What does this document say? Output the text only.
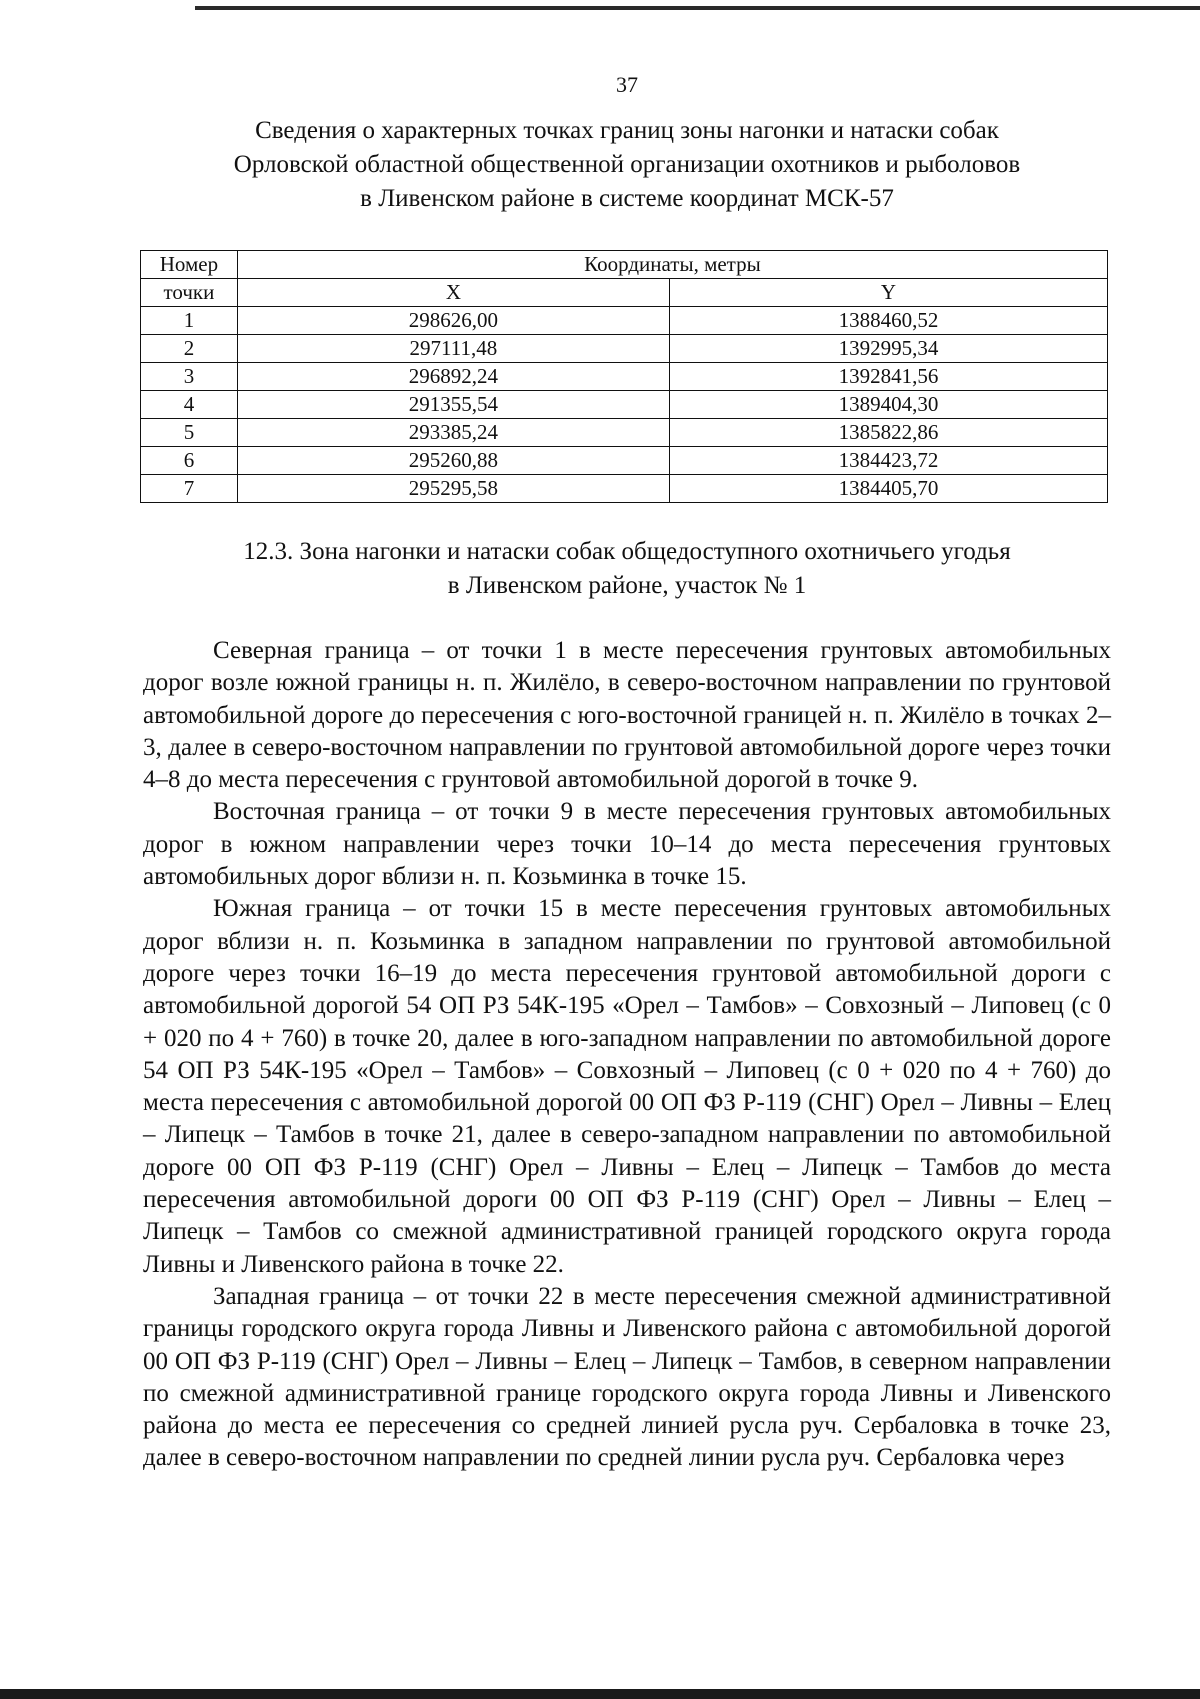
37
Сведения о характерных точках границ зоны нагонки и натаски собак
Орловской областной общественной организации охотников и рыболовов
в Ливенском районе в системе координат МСК-57
Номер	Координаты, метры	
точки	X	Y
1	298626,00	1388460,52
2	297111,48	1392995,34
3	296892,24	1392841,56
4	291355,54	1389404,30
5	293385,24	1385822,86
6	295260,88	1384423,72
7	295295,58	1384405,70
12.3. Зона нагонки и натаски собак общедоступного охотничьего угодья
в Ливенском районе, участок № 1

Северная граница – от точки 1 в месте пересечения грунтовых автомобильных дорог возле южной границы н. п. Жилёло, в северо-восточном направлении по грунтовой автомобильной дороге до пересечения с юго-восточной границей н. п. Жилёло в точках 2–3, далее в северо-восточном направлении по грунтовой автомобильной дороге через точки 4–8 до места пересечения с грунтовой автомобильной дорогой в точке 9.

Восточная граница – от точки 9 в месте пересечения грунтовых автомобильных дорог в южном направлении через точки 10–14 до места пересечения грунтовых автомобильных дорог вблизи н. п. Козьминка в точке 15.

Южная граница – от точки 15 в месте пересечения грунтовых автомобильных дорог вблизи н. п. Козьминка в западном направлении по грунтовой автомобильной дороге через точки 16–19 до места пересечения грунтовой автомобильной дороги с автомобильной дорогой 54 ОП РЗ 54К-195 «Орел – Тамбов» – Совхозный – Липовец (с 0 + 020 по 4 + 760) в точке 20, далее в юго-западном направлении по автомобильной дороге 54 ОП РЗ 54К-195 «Орел – Тамбов» – Совхозный – Липовец (с 0 + 020 по 4 + 760) до места пересечения с автомобильной дорогой 00 ОП ФЗ Р-119 (СНГ) Орел – Ливны – Елец – Липецк – Тамбов в точке 21, далее в северо-западном направлении по автомобильной дороге 00 ОП ФЗ Р-119 (СНГ) Орел – Ливны – Елец – Липецк – Тамбов до места пересечения автомобильной дороги 00 ОП ФЗ Р-119 (СНГ) Орел – Ливны – Елец – Липецк – Тамбов со смежной административной границей городского округа города Ливны и Ливенского района в точке 22.

Западная граница – от точки 22 в месте пересечения смежной административной границы городского округа города Ливны и Ливенского района с автомобильной дорогой 00 ОП ФЗ Р-119 (СНГ) Орел – Ливны – Елец – Липецк – Тамбов, в северном направлении по смежной административной границе городского округа города Ливны и Ливенского района до места ее пересечения со средней линией русла руч. Сербаловка в точке 23, далее в северо-восточном направлении по средней линии русла руч. Сербаловка через
